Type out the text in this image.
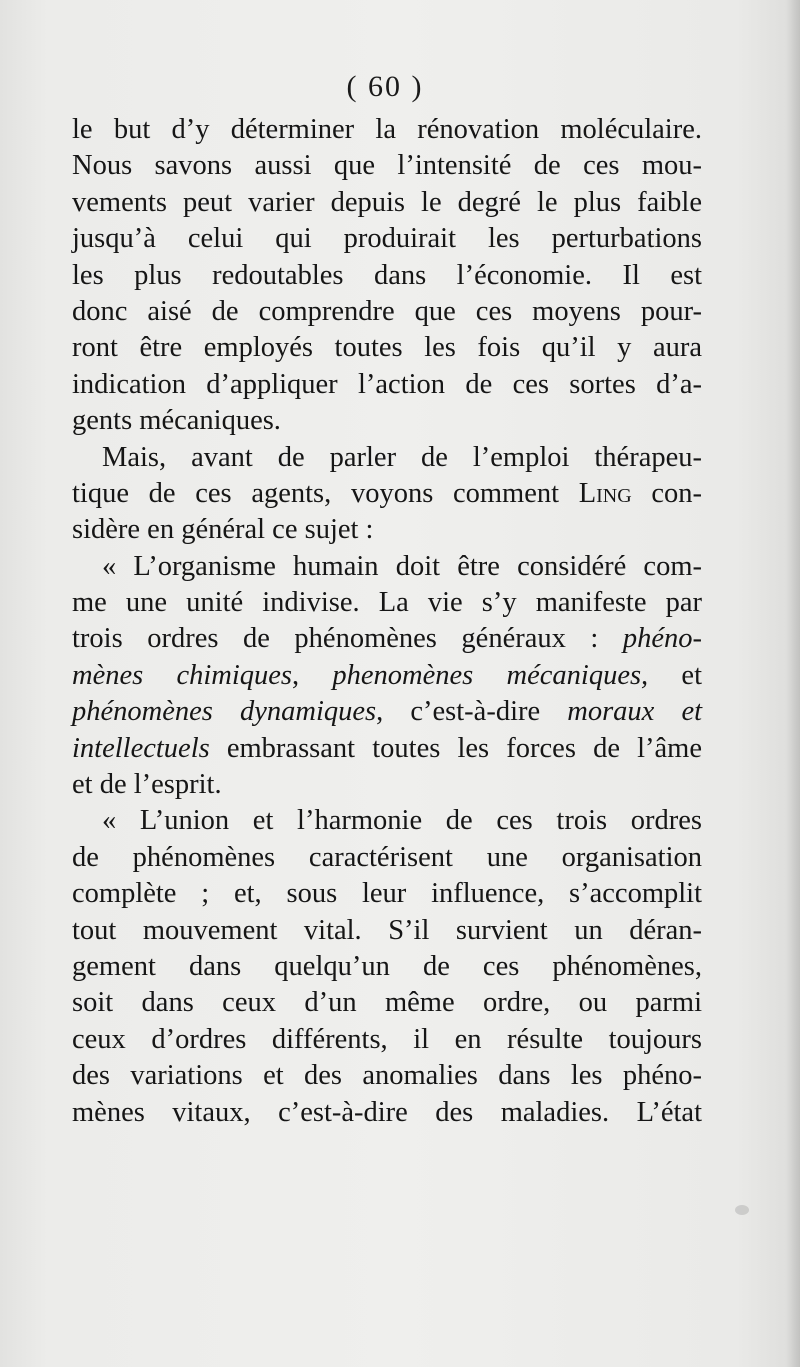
( 60 )
le but d’y déterminer la rénovation moléculaire.
Nous savons aussi que l’intensité de ces mou-
vements peut varier depuis le degré le plus faible
jusqu’à celui qui produirait les perturbations
les plus redoutables dans l’économie. Il est
donc aisé de comprendre que ces moyens pour-
ront être employés toutes les fois qu’il y aura
indication d’appliquer l’action de ces sortes d’a-
gents mécaniques.
Mais, avant de parler de l’emploi thérapeu-
tique de ces agents, voyons comment Ling con-
sidère en général ce sujet :
« L’organisme humain doit être considéré com-
me une unité indivise. La vie s’y manifeste par
trois ordres de phénomènes généraux : phéno-
mènes chimiques, phenomènes mécaniques, et
phénomènes dynamiques, c’est-à-dire moraux et
intellectuels embrassant toutes les forces de l’âme
et de l’esprit.
« L’union et l’harmonie de ces trois ordres
de phénomènes caractérisent une organisation
complète ; et, sous leur influence, s’accomplit
tout mouvement vital. S’il survient un déran-
gement dans quelqu’un de ces phénomènes,
soit dans ceux d’un même ordre, ou parmi
ceux d’ordres différents, il en résulte toujours
des variations et des anomalies dans les phéno-
mènes vitaux, c’est-à-dire des maladies. L’état
